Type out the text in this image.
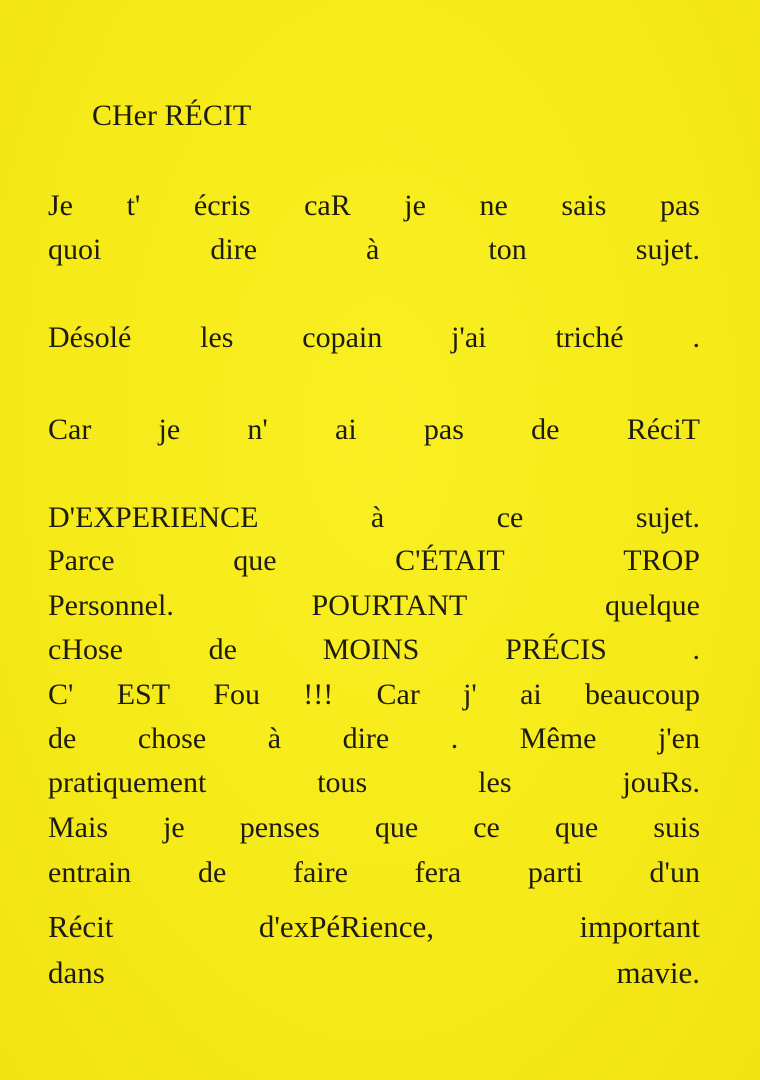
CHer RÉCIT
Je t' écris caR je ne sais pas
quoi	dire	à	ton	sujet.
Désolé les copain j'ai triché .
Car je n' ai pas de RéciT
D'EXPERIENCE	à	ce	sujet.
Parce	que	C'ÉTAIT	TROP
Personnel.	POURTANT	quelque
cHose	de	MOINS	PRÉCIS	.
C' EST Fou !!! Car j' ai beaucoup
de chose à dire . Même j'en
pratiquement	tous	les	jouRs.
Mais je penses que ce que suis
entrain de faire fera parti d'un
Récit	d'exPéRience,	important
dans	mavie.
